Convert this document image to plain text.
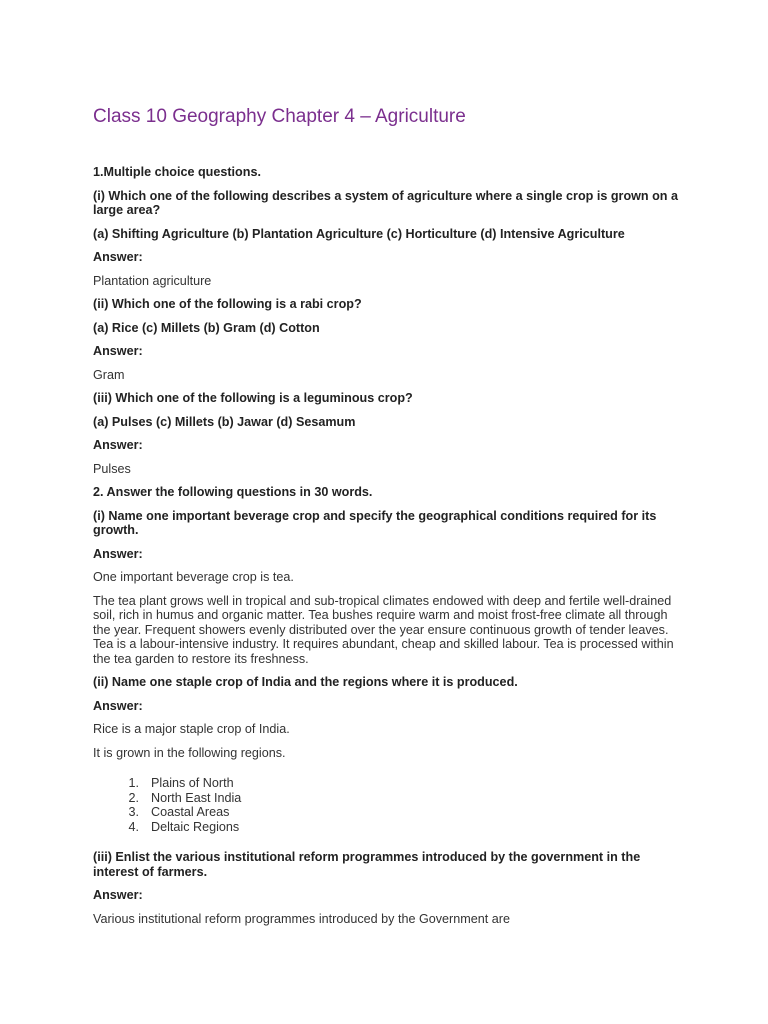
Class 10 Geography Chapter 4 – Agriculture

1.Multiple choice questions.

(i) Which one of the following describes a system of agriculture where a single crop is grown on a large area?

(a) Shifting Agriculture (b) Plantation Agriculture (c) Horticulture (d) Intensive Agriculture

Answer:

Plantation agriculture

(ii) Which one of the following is a rabi crop?

(a) Rice (c) Millets (b) Gram (d) Cotton

Answer:

Gram

(iii) Which one of the following is a leguminous crop?

(a) Pulses (c) Millets (b) Jawar (d) Sesamum

Answer:

Pulses

2. Answer the following questions in 30 words.

(i) Name one important beverage crop and specify the geographical conditions required for its growth.

Answer:

One important beverage crop is tea.

The tea plant grows well in tropical and sub-tropical climates endowed with deep and fertile well-drained soil, rich in humus and organic matter. Tea bushes require warm and moist frost-free climate all through the year. Frequent showers evenly distributed over the year ensure continuous growth of tender leaves. Tea is a labour-intensive industry. It requires abundant, cheap and skilled labour. Tea is processed within the tea garden to restore its freshness.

(ii) Name one staple crop of India and the regions where it is produced.

Answer:

Rice is a major staple crop of India.

It is grown in the following regions.

1. Plains of North
2. North East India
3. Coastal Areas
4. Deltaic Regions

(iii) Enlist the various institutional reform programmes introduced by the government in the interest of farmers.

Answer:

Various institutional reform programmes introduced by the Government are
